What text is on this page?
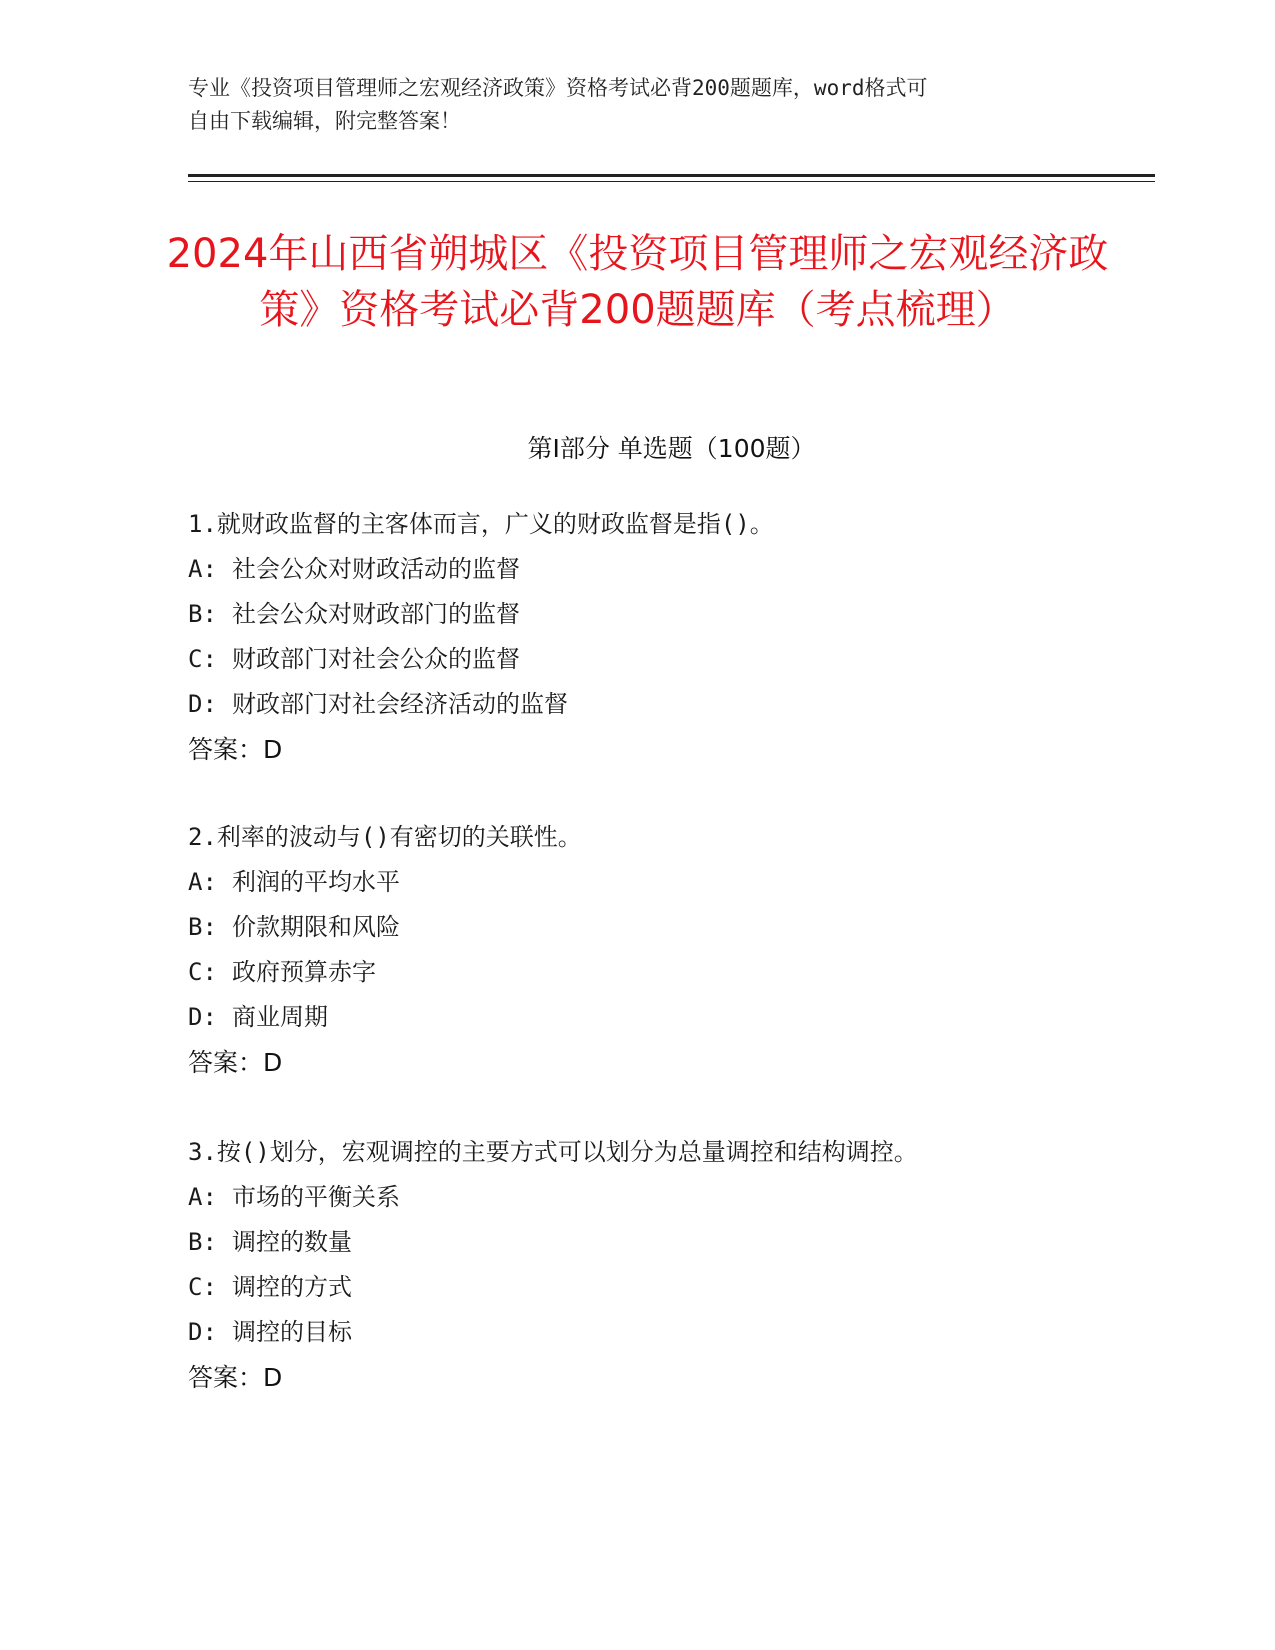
专业《投资项目管理师之宏观经济政策》资格考试必背200题题库，word格式可
自由下载编辑，附完整答案！
2024年山西省朔城区《投资项目管理师之宏观经济政策》资格考试必背200题题库（考点梳理）
第Ⅰ部分 单选题（100题）
1.就财政监督的主客体而言，广义的财政监督是指()。
A: 社会公众对财政活动的监督
B: 社会公众对财政部门的监督
C: 财政部门对社会公众的监督
D: 财政部门对社会经济活动的监督
答案：D
2.利率的波动与()有密切的关联性。
A: 利润的平均水平
B: 价款期限和风险
C: 政府预算赤字
D: 商业周期
答案：D
3.按()划分，宏观调控的主要方式可以划分为总量调控和结构调控。
A: 市场的平衡关系
B: 调控的数量
C: 调控的方式
D: 调控的目标
答案：D
